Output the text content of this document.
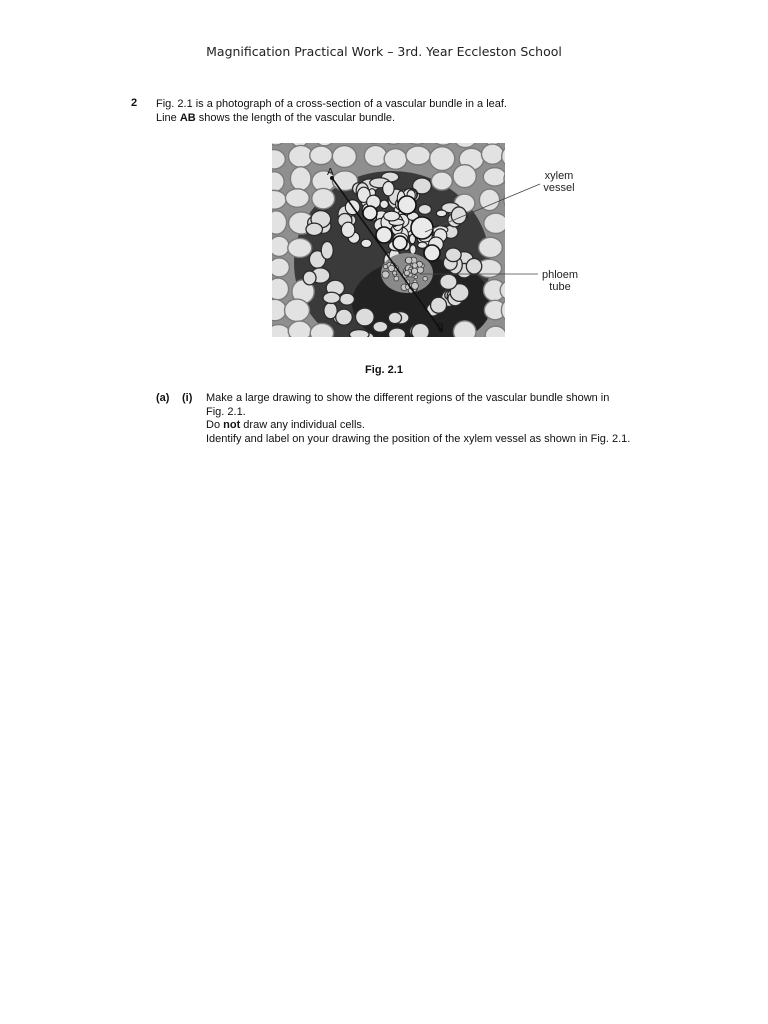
Magnification Practical Work – 3rd. Year Eccleston School
2 Fig. 2.1 is a photograph of a cross-section of a vascular bundle in a leaf.
Line AB shows the length of the vascular bundle.
A
B
xylem
vessel
phloem
tube
Fig. 2.1
(a) (i) Make a large drawing to show the different regions of the vascular bundle shown in

Fig. 2.1.

Do not draw any individual cells.

Identify and label on your drawing the position of the xylem vessel as shown in Fig. 2.1.
